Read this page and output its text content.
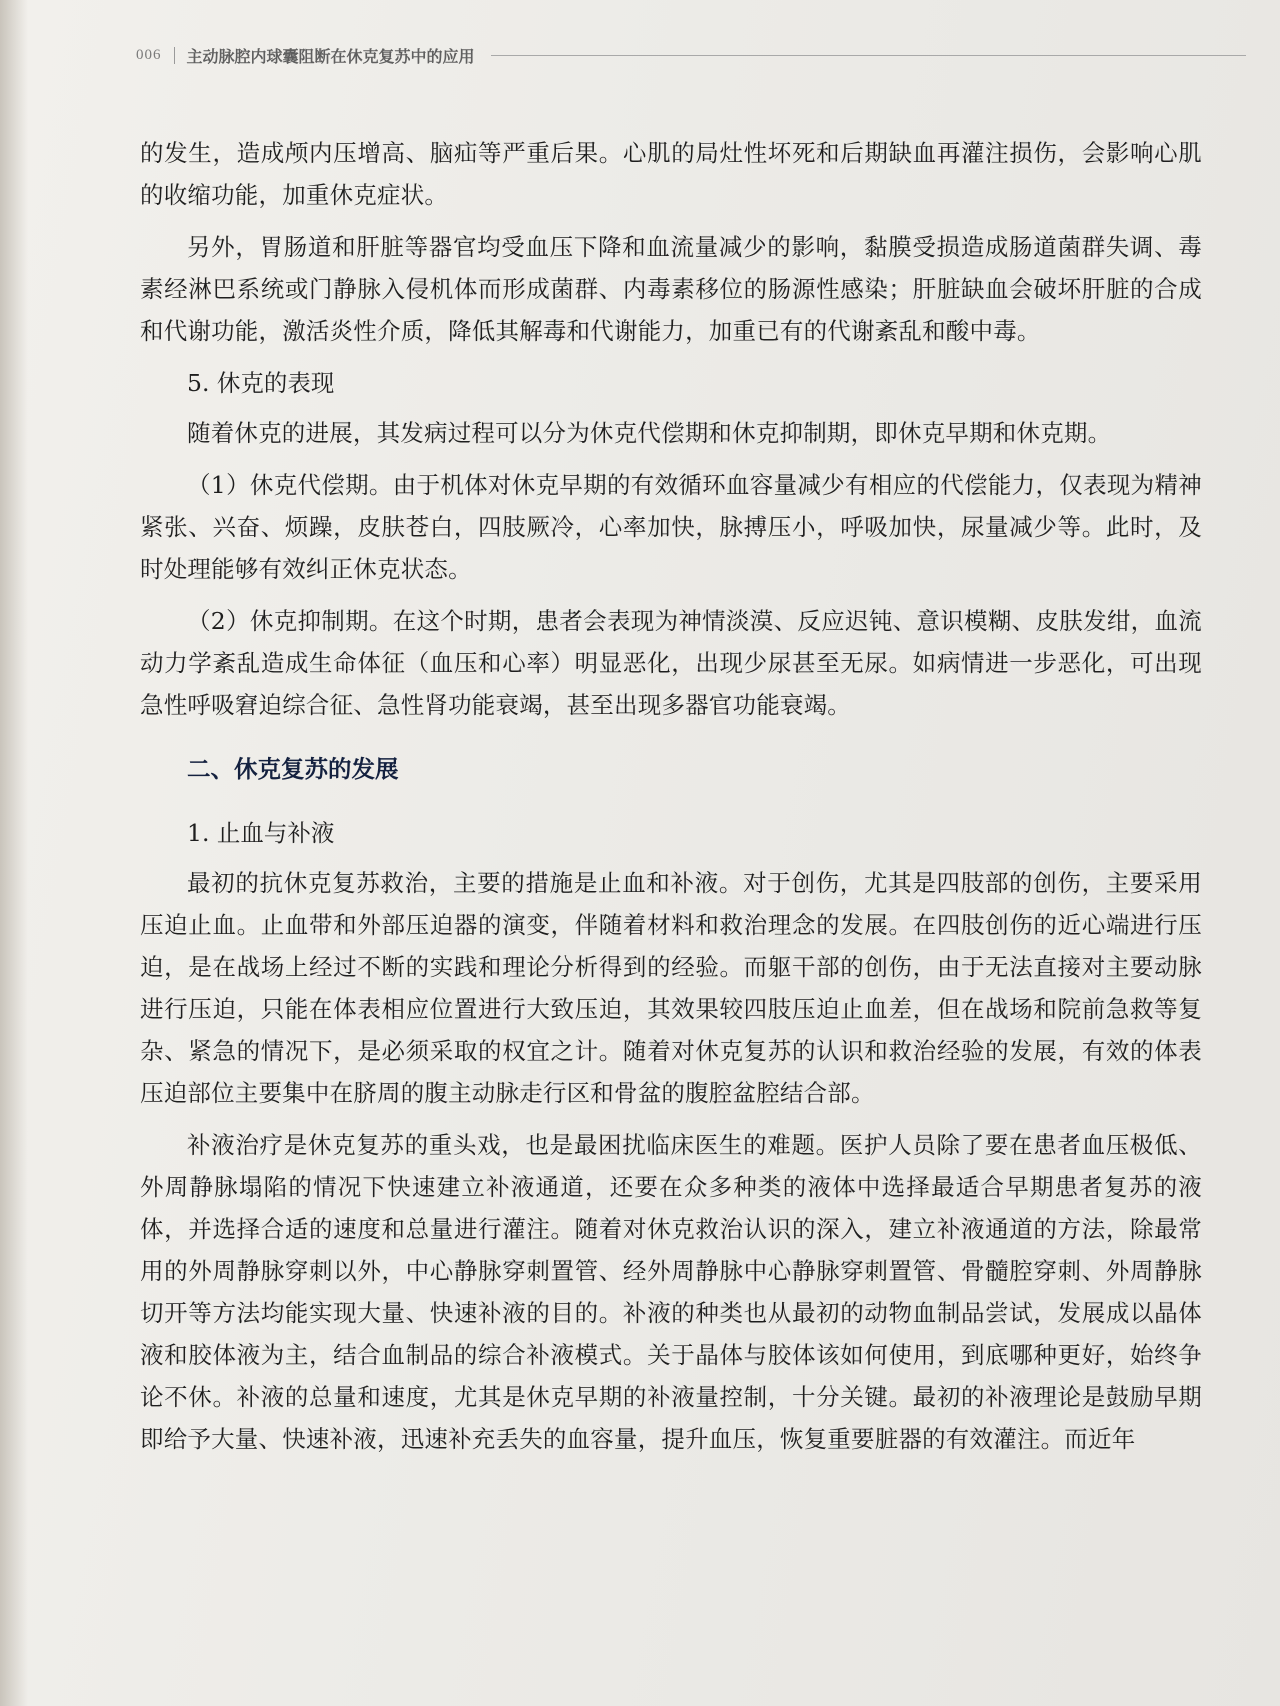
006	主动脉腔内球囊阻断在休克复苏中的应用

的发生，造成颅内压增高、脑疝等严重后果。心肌的局灶性坏死和后期缺血再灌注损伤，会影响心肌的收缩功能，加重休克症状。

另外，胃肠道和肝脏等器官均受血压下降和血流量减少的影响，黏膜受损造成肠道菌群失调、毒素经淋巴系统或门静脉入侵机体而形成菌群、内毒素移位的肠源性感染；肝脏缺血会破坏肝脏的合成和代谢功能，激活炎性介质，降低其解毒和代谢能力，加重已有的代谢紊乱和酸中毒。

5. 休克的表现

随着休克的进展，其发病过程可以分为休克代偿期和休克抑制期，即休克早期和休克期。

（1）休克代偿期。由于机体对休克早期的有效循环血容量减少有相应的代偿能力，仅表现为精神紧张、兴奋、烦躁，皮肤苍白，四肢厥冷，心率加快，脉搏压小，呼吸加快，尿量减少等。此时，及时处理能够有效纠正休克状态。

（2）休克抑制期。在这个时期，患者会表现为神情淡漠、反应迟钝、意识模糊、皮肤发绀，血流动力学紊乱造成生命体征（血压和心率）明显恶化，出现少尿甚至无尿。如病情进一步恶化，可出现急性呼吸窘迫综合征、急性肾功能衰竭，甚至出现多器官功能衰竭。

二、休克复苏的发展

1. 止血与补液

最初的抗休克复苏救治，主要的措施是止血和补液。对于创伤，尤其是四肢部的创伤，主要采用压迫止血。止血带和外部压迫器的演变，伴随着材料和救治理念的发展。在四肢创伤的近心端进行压迫，是在战场上经过不断的实践和理论分析得到的经验。而躯干部的创伤，由于无法直接对主要动脉进行压迫，只能在体表相应位置进行大致压迫，其效果较四肢压迫止血差，但在战场和院前急救等复杂、紧急的情况下，是必须采取的权宜之计。随着对休克复苏的认识和救治经验的发展，有效的体表压迫部位主要集中在脐周的腹主动脉走行区和骨盆的腹腔盆腔结合部。

补液治疗是休克复苏的重头戏，也是最困扰临床医生的难题。医护人员除了要在患者血压极低、外周静脉塌陷的情况下快速建立补液通道，还要在众多种类的液体中选择最适合早期患者复苏的液体，并选择合适的速度和总量进行灌注。随着对休克救治认识的深入，建立补液通道的方法，除最常用的外周静脉穿刺以外，中心静脉穿刺置管、经外周静脉中心静脉穿刺置管、骨髓腔穿刺、外周静脉切开等方法均能实现大量、快速补液的目的。补液的种类也从最初的动物血制品尝试，发展成以晶体液和胶体液为主，结合血制品的综合补液模式。关于晶体与胶体该如何使用，到底哪种更好，始终争论不休。补液的总量和速度，尤其是休克早期的补液量控制，十分关键。最初的补液理论是鼓励早期即给予大量、快速补液，迅速补充丢失的血容量，提升血压，恢复重要脏器的有效灌注。而近年
